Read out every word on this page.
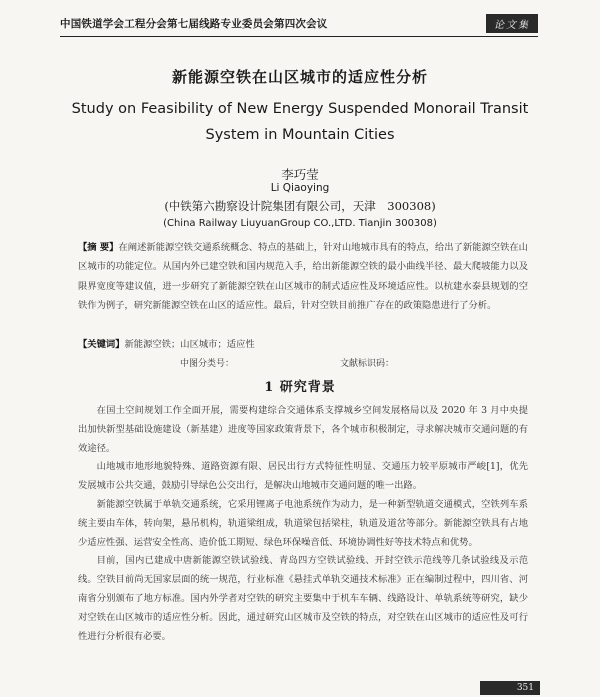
中国铁道学会工程分会第七届线路专业委员会第四次会议	论文集
新能源空铁在山区城市的适应性分析
Study on Feasibility of New Energy Suspended Monorail Transit System in Mountain Cities
李巧莹
Li Qiaoying
(中铁第六勘察设计院集团有限公司，天津　300308)
(China Railway LiuyuanGroup CO.,LTD. Tianjin 300308)
【摘 要】在阐述新能源空铁交通系统概念、特点的基础上，针对山地城市具有的特点，给出了新能源空铁在山区城市的功能定位。从国内外已建空铁和国内规范入手，给出新能源空铁的最小曲线半径、最大爬坡能力以及限界宽度等建议值，进一步研究了新能源空铁在山区城市的制式适应性及环境适应性。以杭建水泰县规划的空铁作为例子，研究新能源空铁在山区的适应性。最后，针对空铁目前推广存在的政策隐患进行了分析。
【关键词】新能源空铁；山区城市；适应性
中图分类号：	文献标识码：
1 研究背景

在国土空间规划工作全面开展，需要构建综合交通体系支撑城乡空间发展格局以及 2020 年 3 月中央提出加快新型基础设施建设（新基建）进度等国家政策背景下，各个城市积极制定，寻求解决城市交通问题的有效途径。

山地城市地形地貌特殊、道路资源有限、居民出行方式特征性明显、交通压力较平原城市严峻[1]，优先发展城市公共交通，鼓励引导绿色公交出行，是解决山地城市交通问题的唯一出路。

新能源空铁属于单轨交通系统，它采用锂离子电池系统作为动力，是一种新型轨道交通模式，空铁列车系统主要由车体，转向架，悬吊机构，轨道梁组成，轨道梁包括梁柱，轨道及道岔等部分。新能源空铁具有占地少适应性强、运营安全性高、造价低工期短、绿色环保噪音低、环境协调性好等技术特点和优势。

目前，国内已建成中唐新能源空铁试验线、青岛四方空铁试验线、开封空铁示范线等几条试验线及示范线。空铁目前尚无国家层面的统一规范，行业标准《悬挂式单轨交通技术标准》正在编制过程中，四川省、河南省分别颁布了地方标准。国内外学者对空铁的研究主要集中于机车车辆、线路设计、单轨系统等研究，缺少对空铁在山区城市的适应性分析。因此，通过研究山区城市及空铁的特点，对空铁在山区城市的适应性及可行性进行分析很有必要。

351
